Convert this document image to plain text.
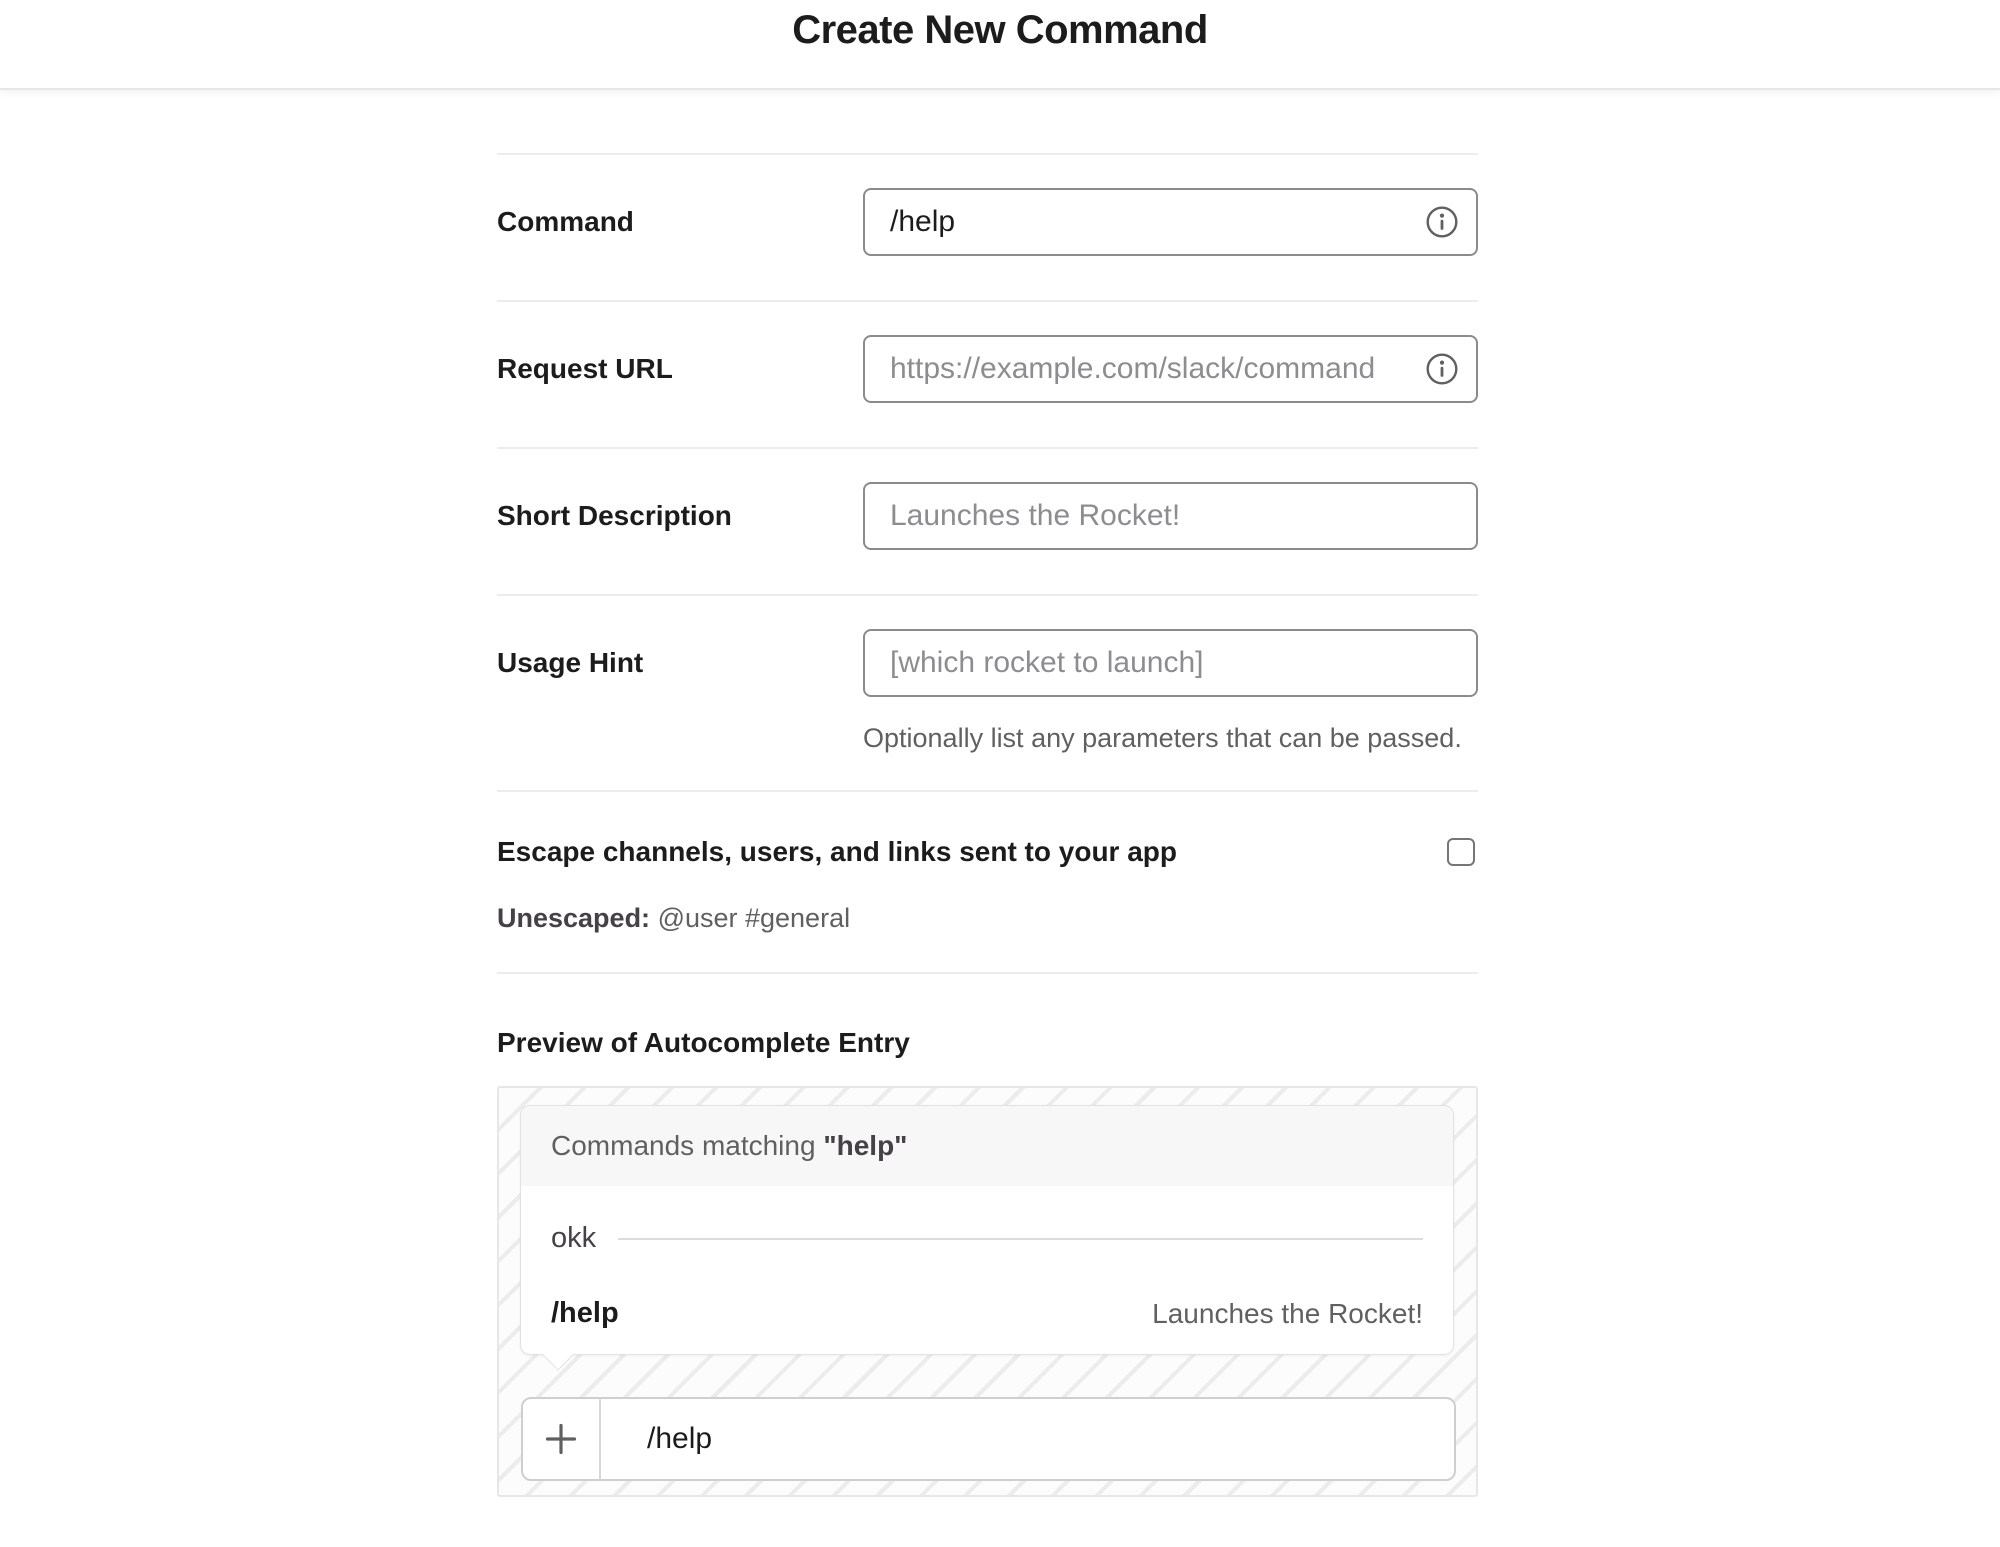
Create New Command
Command
/help
Request URL
https://example.com/slack/command
Short Description
Launches the Rocket!
Usage Hint
[which rocket to launch]
Optionally list any parameters that can be passed.
Escape channels, users, and links sent to your app
Unescaped: @user #general
Preview of Autocomplete Entry
Commands matching "help"
okk
/help	Launches the Rocket!
/help
